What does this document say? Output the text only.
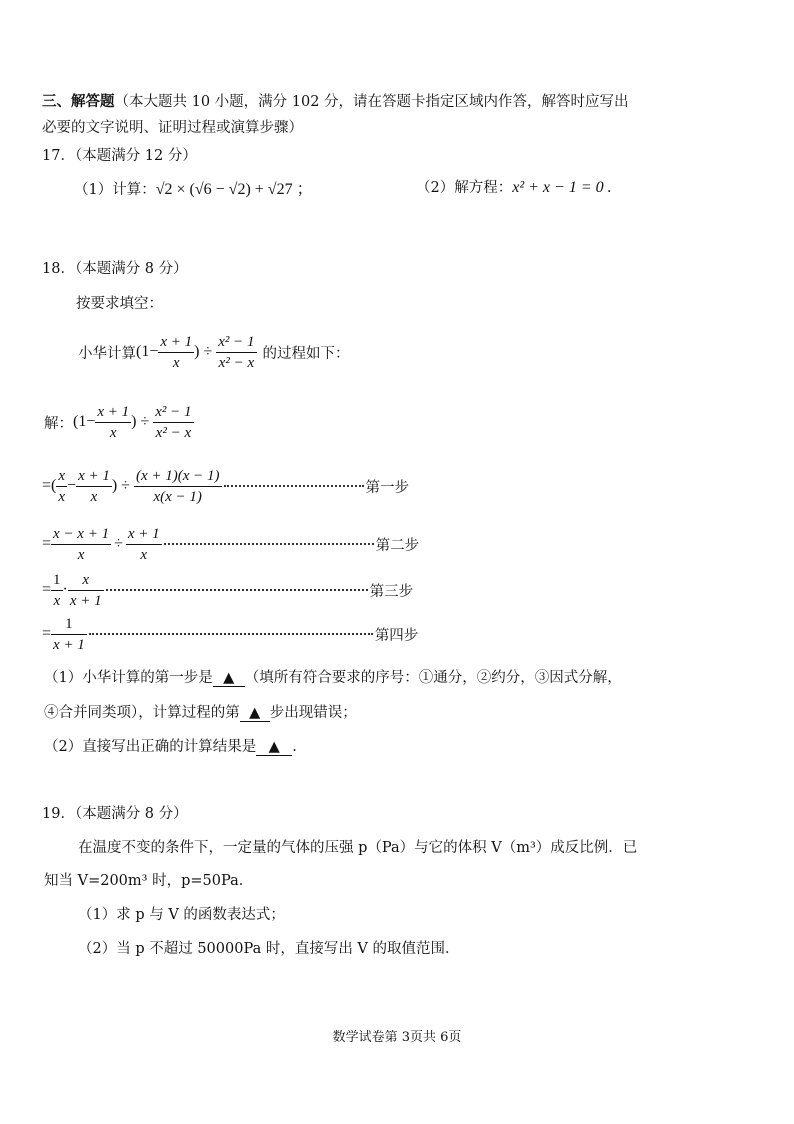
三、解答题（本大题共 10 小题，满分 102 分，请在答题卡指定区域内作答，解答时应写出
必要的文字说明、证明过程或演算步骤）
17．（本题满分 12 分）
（1）计算：√2 × (√6 − √2) + √27 ；	（2）解方程：x² + x − 1 = 0 .
18．（本题满分 8 分）
按要求填空：
小华计算 ( $1 - \frac{x + 1}{x}$ ) ÷ $\frac{\text{x² − 1}}{\text{x² − x}}$ 的过程如下：
解： ( $1 - \frac{x + 1}{x}$ ) ÷ $\frac{\text{x² − 1}}{\text{x² − x}}$
= ( $\frac{x}{x} - \frac{x + 1}{x}$ ) ÷ $\frac{(x + 1)(x - 1)}{x(x - 1)}$	第一步
= $\frac{x - x + 1}{x} \div \frac{x + 1}{x}$	第二步
= $\frac{1}{x} \cdot \frac{x}{x + 1}$	第三步
= $\frac{1}{x + 1}$	第四步
（1）小华计算的第一步是 ▲ （填所有符合要求的序号：①通分，②约分，③因式分解，
④合并同类项），计算过程的第 ▲ 步出现错误；
（2）直接写出正确的计算结果是 ▲ .
19．（本题满分 8 分）
在温度不变的条件下，一定量的气体的压强 p（Pa）与它的体积 V（m³）成反比例．已
知当 V=200m³ 时，p=50Pa．
（1）求 p 与 V 的函数表达式；
（2）当 p 不超过 50000Pa 时，直接写出 V 的取值范围．
数学试卷第 3页共 6页
